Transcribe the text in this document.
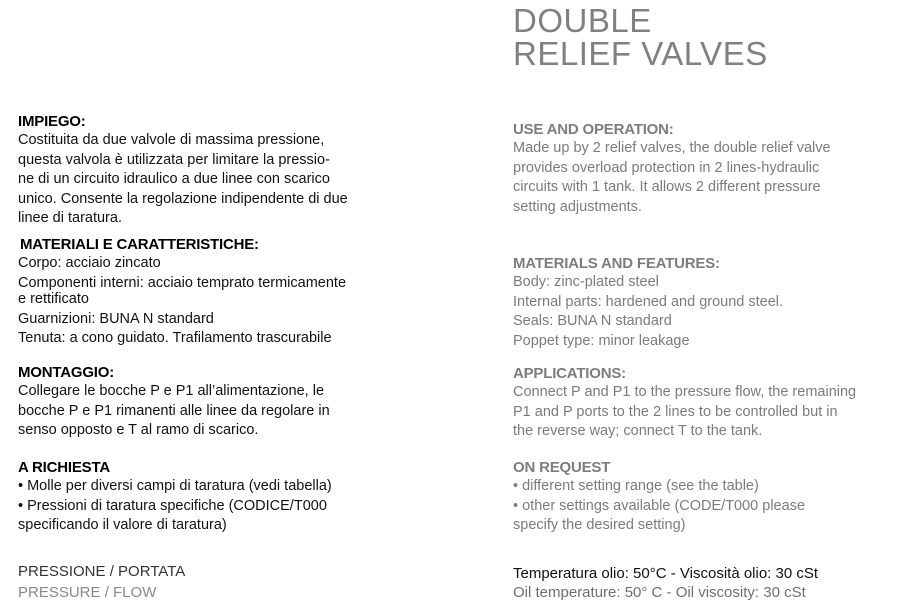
DOUBLE
RELIEF VALVES
IMPIEGO:
Costituita da due valvole di massima pressione,
questa valvola è utilizzata per limitare la pressio-
ne di un circuito idraulico a due linee con scarico
unico. Consente la regolazione indipendente di due
linee di taratura.
MATERIALI E CARATTERISTICHE:
Corpo: acciaio zincato
Componenti interni: acciaio temprato termicamente
e rettificato
Guarnizioni: BUNA N standard
Tenuta: a cono guidato. Trafilamento trascurabile
MONTAGGIO:
Collegare le bocche P e P1 all’alimentazione, le
bocche P e P1 rimanenti alle linee da regolare in
senso opposto e T al ramo di scarico.
A RICHIESTA
• Molle per diversi campi di taratura (vedi tabella)
• Pressioni di taratura specifiche (CODICE/T000
specificando il valore di taratura)
USE AND OPERATION:
Made up by 2 relief valves, the double relief valve
provides overload protection in 2 lines-hydraulic
circuits with 1 tank. It allows 2 different pressure
setting adjustments.
MATERIALS AND FEATURES:
Body: zinc-plated steel
Internal parts: hardened and ground steel.
Seals: BUNA N standard
Poppet type: minor leakage
APPLICATIONS:
Connect P and P1 to the pressure flow, the remaining
P1 and P ports to the 2 lines to be controlled but in
the reverse way; connect T to the tank.
ON REQUEST
• different setting range (see the table)
• other settings available (CODE/T000 please
specify the desired setting)
PRESSIONE / PORTATA
PRESSURE / FLOW
Temperatura olio: 50°C - Viscosità olio: 30 cSt
Oil temperature: 50° C - Oil viscosity: 30 cSt
